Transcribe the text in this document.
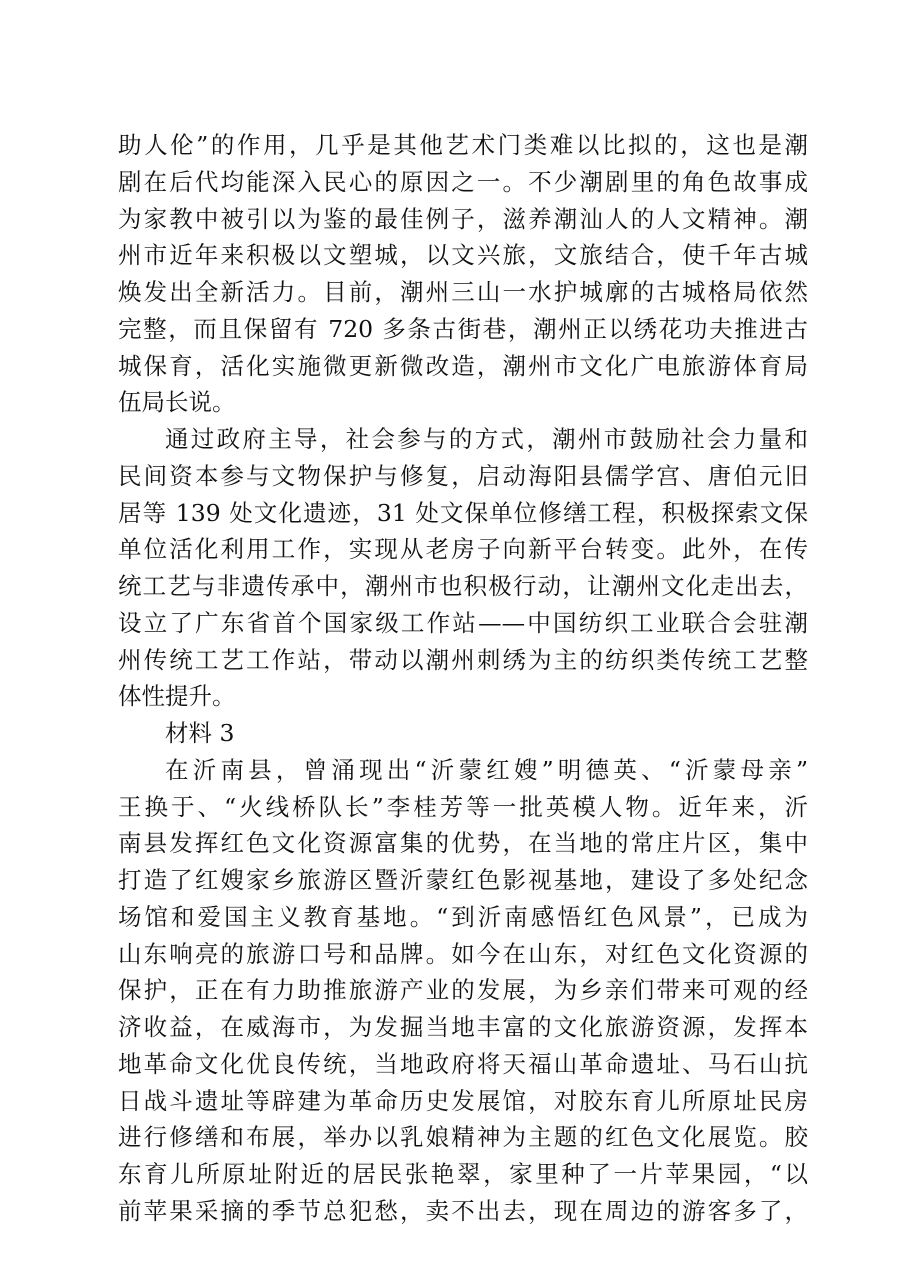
助人伦”的作用，几乎是其他艺术门类难以比拟的，这也是潮
剧在后代均能深入民心的原因之一。不少潮剧里的角色故事成
为家教中被引以为鉴的最佳例子，滋养潮汕人的人文精神。潮
州市近年来积极以文塑城，以文兴旅，文旅结合，使千年古城
焕发出全新活力。目前，潮州三山一水护城廓的古城格局依然
完整，而且保留有 720 多条古街巷，潮州正以绣花功夫推进古
城保育，活化实施微更新微改造，潮州市文化广电旅游体育局
伍局长说。
通过政府主导，社会参与的方式，潮州市鼓励社会力量和
民间资本参与文物保护与修复，启动海阳县儒学宫、唐伯元旧
居等 139 处文化遗迹，31 处文保单位修缮工程，积极探索文保
单位活化利用工作，实现从老房子向新平台转变。此外，在传
统工艺与非遗传承中，潮州市也积极行动，让潮州文化走出去，
设立了广东省首个国家级工作站——中国纺织工业联合会驻潮
州传统工艺工作站，带动以潮州刺绣为主的纺织类传统工艺整
体性提升。
材料 3
在沂南县，曾涌现出“沂蒙红嫂”明德英、“沂蒙母亲”
王换于、“火线桥队长”李桂芳等一批英模人物。近年来，沂
南县发挥红色文化资源富集的优势，在当地的常庄片区，集中
打造了红嫂家乡旅游区暨沂蒙红色影视基地，建设了多处纪念
场馆和爱国主义教育基地。“到沂南感悟红色风景”，已成为
山东响亮的旅游口号和品牌。如今在山东，对红色文化资源的
保护，正在有力助推旅游产业的发展，为乡亲们带来可观的经
济收益，在威海市，为发掘当地丰富的文化旅游资源，发挥本
地革命文化优良传统，当地政府将天福山革命遗址、马石山抗
日战斗遗址等辟建为革命历史发展馆，对胶东育儿所原址民房
进行修缮和布展，举办以乳娘精神为主题的红色文化展览。胶
东育儿所原址附近的居民张艳翠，家里种了一片苹果园，“以
前苹果采摘的季节总犯愁，卖不出去，现在周边的游客多了，
